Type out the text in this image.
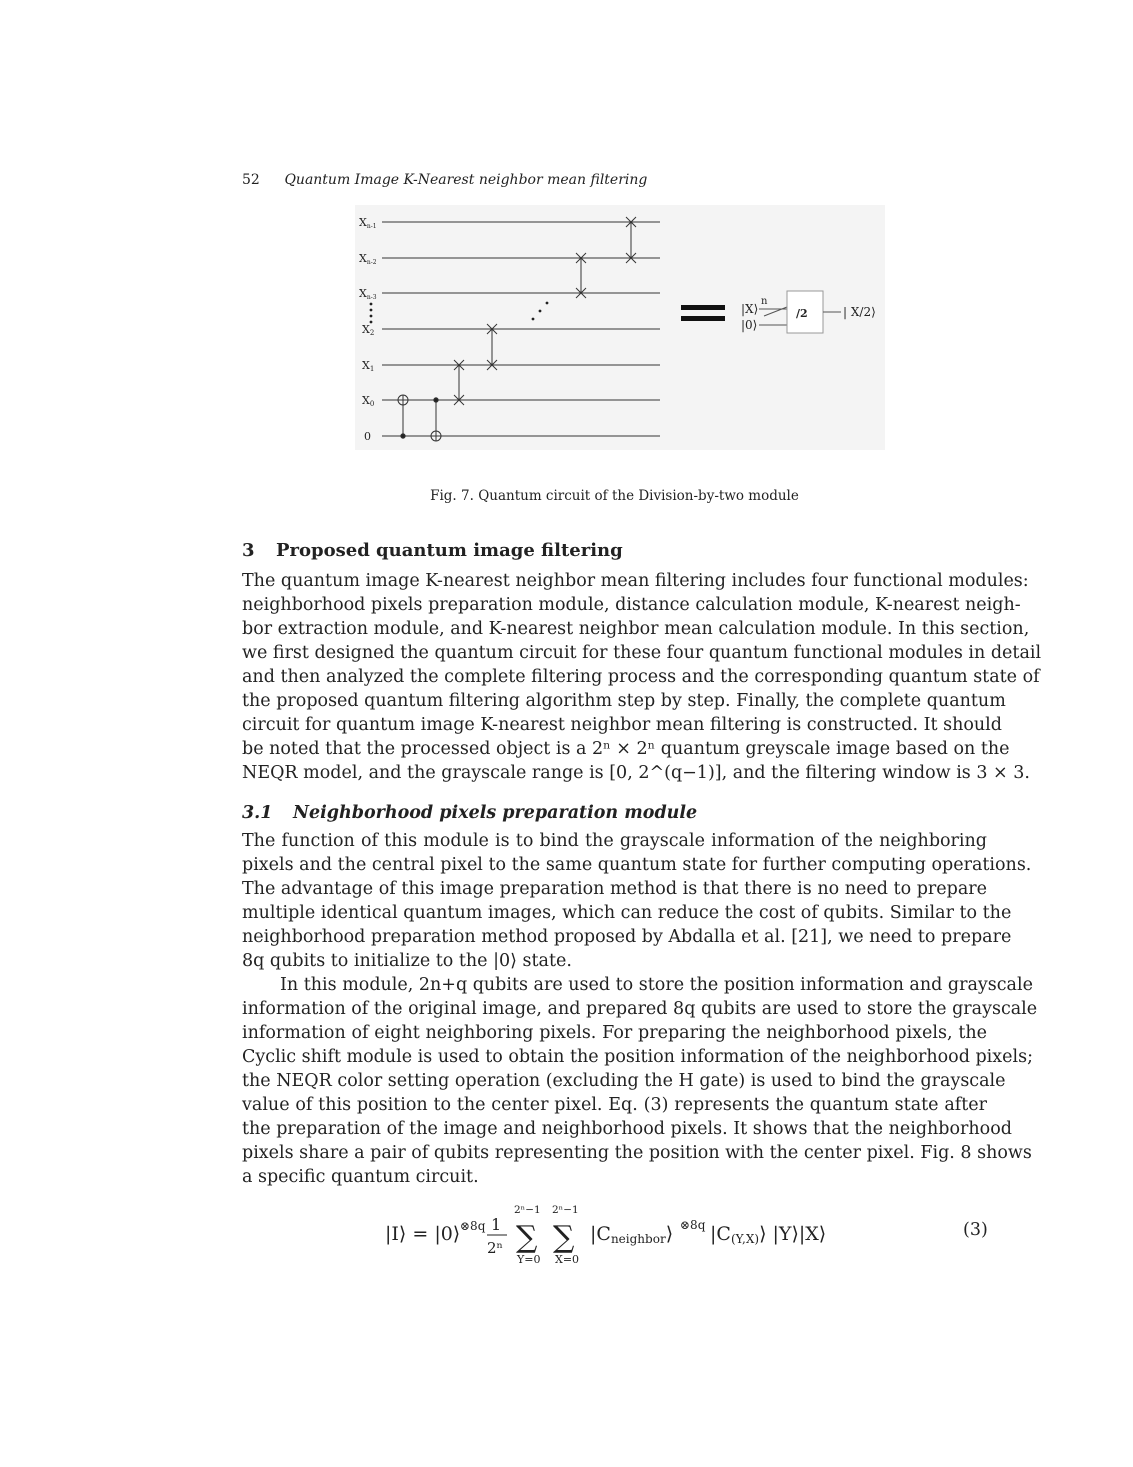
52 Quantum Image K-Nearest neighbor mean filtering
Xn-1
Xn-2
Xn-3
X2
X1
X0
0
|X⟩
|0⟩
n
/2	| X/2⟩
Fig. 7. Quantum circuit of the Division-by-two module
3 Proposed quantum image filtering
The quantum image K-nearest neighbor mean filtering includes four functional modules:
neighborhood pixels preparation module, distance calculation module, K-nearest neigh-
bor extraction module, and K-nearest neighbor mean calculation module. In this section,
we first designed the quantum circuit for these four quantum functional modules in detail
and then analyzed the complete filtering process and the corresponding quantum state of
the proposed quantum filtering algorithm step by step. Finally, the complete quantum
circuit for quantum image K-nearest neighbor mean filtering is constructed. It should
be noted that the processed object is a 2ⁿ × 2ⁿ quantum greyscale image based on the
NEQR model, and the grayscale range is [0, 2^(q−1)], and the filtering window is 3 × 3.
3.1 Neighborhood pixels preparation module
The function of this module is to bind the grayscale information of the neighboring
pixels and the central pixel to the same quantum state for further computing operations.
The advantage of this image preparation method is that there is no need to prepare
multiple identical quantum images, which can reduce the cost of qubits. Similar to the
neighborhood preparation method proposed by Abdalla et al. [21], we need to prepare
8q qubits to initialize to the |0⟩ state.
In this module, 2n+q qubits are used to store the position information and grayscale
information of the original image, and prepared 8q qubits are used to store the grayscale
information of eight neighboring pixels. For preparing the neighborhood pixels, the
Cyclic shift module is used to obtain the position information of the neighborhood pixels;
the NEQR color setting operation (excluding the H gate) is used to bind the grayscale
value of this position to the center pixel. Eq. (3) represents the quantum state after
the preparation of the image and neighborhood pixels. It shows that the neighborhood
pixels share a pair of qubits representing the position with the center pixel. Fig. 8 shows
a specific quantum circuit.
|I⟩ = |0⟩ ⊗8q 1
2ⁿ
2ⁿ−1
∑
Y=0
2ⁿ−1
∑
X=0
|Cneighbor⟩ ⊗8q |C(Y,X)⟩ |Y⟩|X⟩	(3)
